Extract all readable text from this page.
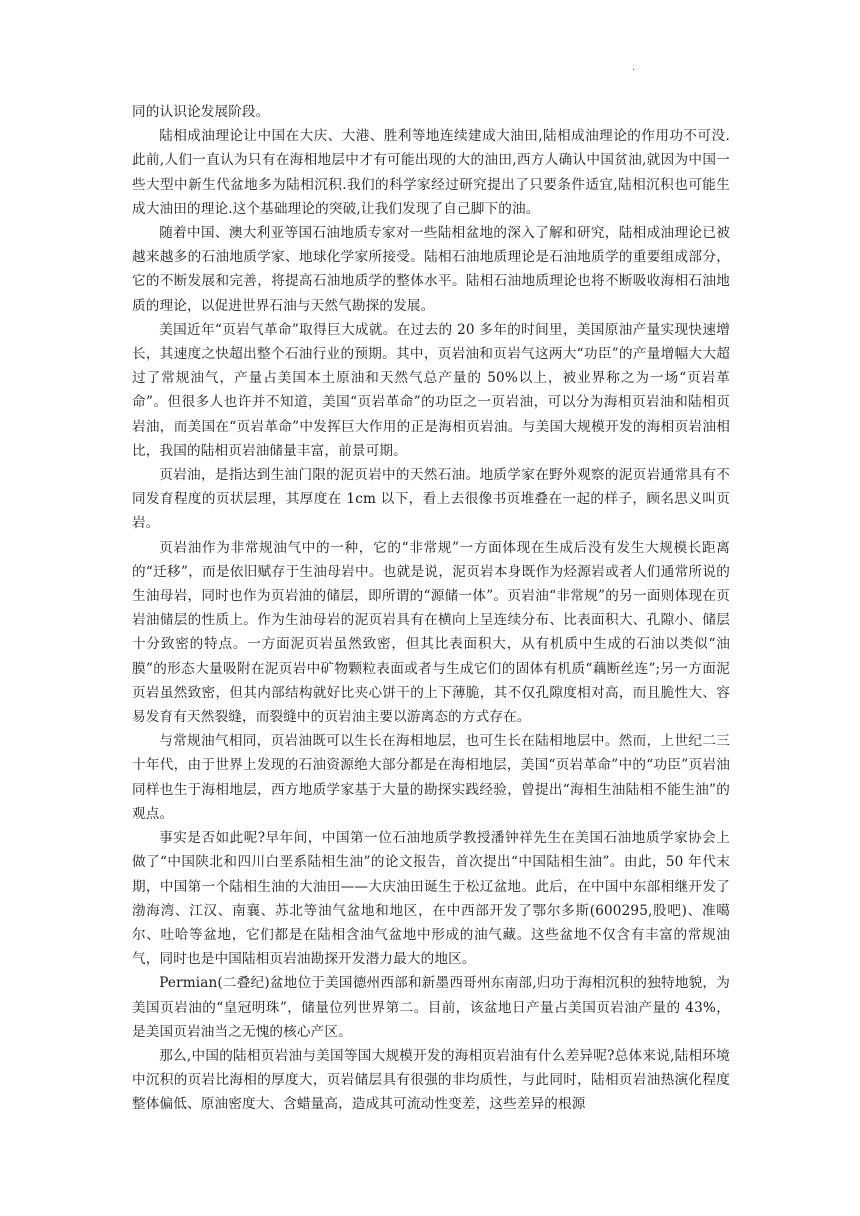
.

同的认识论发展阶段。

陆相成油理论让中国在大庆、大港、胜利等地连续建成大油田,陆相成油理论的作用功不可没.此前,人们一直认为只有在海相地层中才有可能出现的大的油田,西方人确认中国贫油,就因为中国一些大型中新生代盆地多为陆相沉积.我们的科学家经过研究提出了只要条件适宜,陆相沉积也可能生成大油田的理论.这个基础理论的突破,让我们发现了自己脚下的油。

随着中国、澳大利亚等国石油地质专家对一些陆相盆地的深入了解和研究，陆相成油理论已被越来越多的石油地质学家、地球化学家所接受。陆相石油地质理论是石油地质学的重要组成部分，它的不断发展和完善，将提高石油地质学的整体水平。陆相石油地质理论也将不断吸收海相石油地质的理论，以促进世界石油与天然气勘探的发展。

美国近年“页岩气革命”取得巨大成就。在过去的 20 多年的时间里，美国原油产量实现快速增长，其速度之快超出整个石油行业的预期。其中，页岩油和页岩气这两大“功臣”的产量增幅大大超过了常规油气，产量占美国本土原油和天然气总产量的 50%以上，被业界称之为一场“页岩革命”。但很多人也许并不知道，美国“页岩革命”的功臣之一页岩油，可以分为海相页岩油和陆相页岩油，而美国在“页岩革命”中发挥巨大作用的正是海相页岩油。与美国大规模开发的海相页岩油相比，我国的陆相页岩油储量丰富，前景可期。

页岩油，是指达到生油门限的泥页岩中的天然石油。地质学家在野外观察的泥页岩通常具有不同发育程度的页状层理，其厚度在 1cm 以下，看上去很像书页堆叠在一起的样子，顾名思义叫页岩。

页岩油作为非常规油气中的一种，它的“非常规”一方面体现在生成后没有发生大规模长距离的“迁移”，而是依旧赋存于生油母岩中。也就是说，泥页岩本身既作为烃源岩或者人们通常所说的生油母岩，同时也作为页岩油的储层，即所谓的“源储一体”。页岩油“非常规”的另一面则体现在页岩油储层的性质上。作为生油母岩的泥页岩具有在横向上呈连续分布、比表面积大、孔隙小、储层十分致密的特点。一方面泥页岩虽然致密，但其比表面积大，从有机质中生成的石油以类似“油膜”的形态大量吸附在泥页岩中矿物颗粒表面或者与生成它们的固体有机质“藕断丝连”;另一方面泥页岩虽然致密，但其内部结构就好比夹心饼干的上下薄脆，其不仅孔隙度相对高，而且脆性大、容易发育有天然裂缝，而裂缝中的页岩油主要以游离态的方式存在。

与常规油气相同，页岩油既可以生长在海相地层，也可生长在陆相地层中。然而，上世纪二三十年代，由于世界上发现的石油资源绝大部分都是在海相地层，美国“页岩革命”中的“功臣”页岩油同样也生于海相地层，西方地质学家基于大量的勘探实践经验，曾提出“海相生油陆相不能生油”的观点。

事实是否如此呢?早年间，中国第一位石油地质学教授潘钟祥先生在美国石油地质学家协会上做了“中国陕北和四川白垩系陆相生油”的论文报告，首次提出“中国陆相生油”。由此，50 年代末期，中国第一个陆相生油的大油田——大庆油田诞生于松辽盆地。此后，在中国中东部相继开发了渤海湾、江汉、南襄、苏北等油气盆地和地区，在中西部开发了鄂尔多斯(600295,股吧)、准噶尔、吐哈等盆地，它们都是在陆相含油气盆地中形成的油气藏。这些盆地不仅含有丰富的常规油气，同时也是中国陆相页岩油勘探开发潜力最大的地区。

Permian(二叠纪)盆地位于美国德州西部和新墨西哥州东南部,归功于海相沉积的独特地貌，为美国页岩油的“皇冠明珠”，储量位列世界第二。目前，该盆地日产量占美国页岩油产量的 43%，是美国页岩油当之无愧的核心产区。

那么,中国的陆相页岩油与美国等国大规模开发的海相页岩油有什么差异呢?总体来说,陆相环境中沉积的页岩比海相的厚度大，页岩储层具有很强的非均质性，与此同时，陆相页岩油热演化程度整体偏低、原油密度大、含蜡量高，造成其可流动性变差，这些差异的根源
